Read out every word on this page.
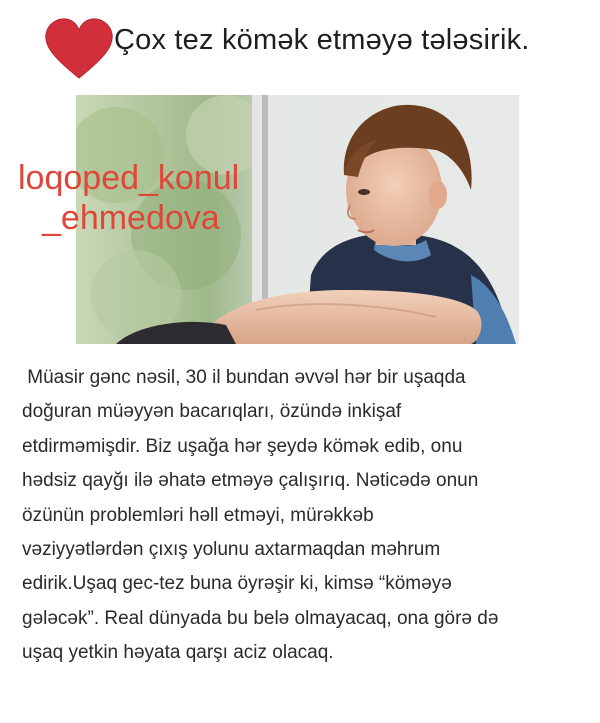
Çox tez kömək etməyə tələsirik.
loqoped_konul
_ehmedova
Müasir gənc nəsil, 30 il bundan əvvəl hər bir uşaqda
doğuran müəyyən bacarıqları, özündə inkişaf
etdirməmişdir. Biz uşağa hər şeydə kömək edib, onu
hədsiz qayğı ilə əhatə etməyə çalışırıq. Nəticədə onun
özünün problemləri həll etməyi, mürəkkəb
vəziyyətlərdən çıxış yolunu axtarmaqdan məhrum
edirik.Uşaq gec-tez buna öyrəşir ki, kimsə “köməyə
gələcək”. Real dünyada bu belə olmayacaq, ona görə də
uşaq yetkin həyata qarşı aciz olacaq.
